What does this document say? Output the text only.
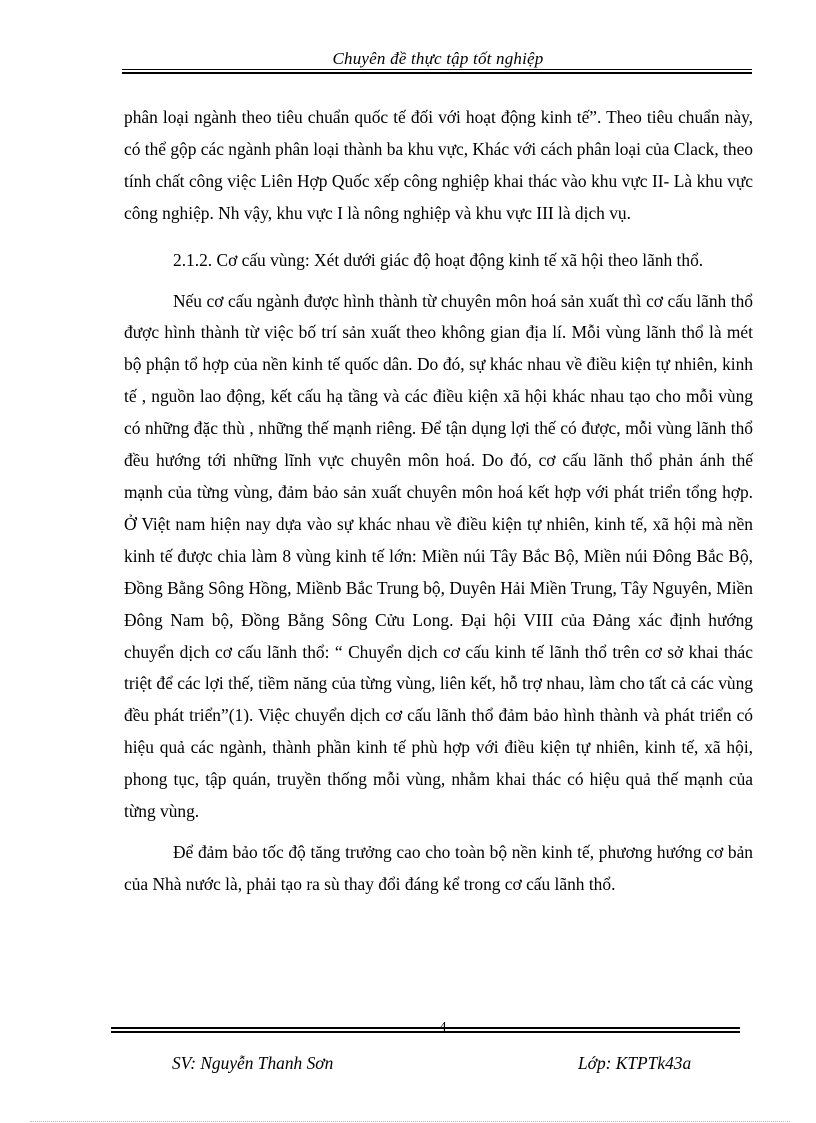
Chuyên đề thực tập tốt nghiệp

phân loại ngành theo tiêu chuẩn quốc tế đối với hoạt động kinh tế”. Theo tiêu chuẩn này, có thể gộp các ngành phân loại thành ba khu vực, Khác với cách phân loại của Clack, theo tính chất công việc Liên Hợp Quốc xếp công nghiệp khai thác vào khu vực II- Là khu vực công nghiệp. Nh vậy, khu vực I là nông nghiệp và khu vực III là dịch vụ.

2.1.2. Cơ cấu vùng: Xét dưới giác độ hoạt động kinh tế xã hội theo lãnh thổ.

Nếu cơ cấu ngành được hình thành từ chuyên môn hoá sản xuất thì cơ cấu lãnh thổ được hình thành từ việc bố trí sản xuất theo không gian địa lí. Mỗi vùng lãnh thổ là mét bộ phận tổ hợp của nền kinh tế quốc dân. Do đó, sự khác nhau về điều kiện tự nhiên, kinh tế , nguồn lao động, kết cấu hạ tầng và các điều kiện xã hội khác nhau tạo cho mỗi vùng có những đặc thù , những thế mạnh riêng. Để tận dụng lợi thế có được, mỗi vùng lãnh thổ đều hướng tới những lĩnh vực chuyên môn hoá. Do đó, cơ cấu lãnh thổ phản ánh thế mạnh của từng vùng, đảm bảo sản xuất chuyên môn hoá kết hợp với phát triển tổng hợp. Ở Việt nam hiện nay dựa vào sự khác nhau về điều kiện tự nhiên, kinh tế, xã hội mà nền kinh tế được chia làm 8 vùng kinh tế lớn: Miền núi Tây Bắc Bộ, Miền núi Đông Bắc Bộ, Đồng Bằng Sông Hồng, Miềnb Bắc Trung bộ, Duyên Hải Miền Trung, Tây Nguyên, Miền Đông Nam bộ, Đồng Bằng Sông Cửu Long. Đại hội VIII của Đảng xác định hướng chuyển dịch cơ cấu lãnh thổ: “ Chuyển dịch cơ cấu kinh tế lãnh thổ trên cơ sở khai thác triệt để các lợi thế, tiềm năng của từng vùng, liên kết, hỗ trợ nhau, làm cho tất cả các vùng đều phát triển”(1). Việc chuyển dịch cơ cấu lãnh thổ đảm bảo hình thành và phát triển có hiệu quả các ngành, thành phần kinh tế phù hợp với điều kiện tự nhiên, kinh tế, xã hội, phong tục, tập quán, truyền thống mỗi vùng, nhằm khai thác có hiệu quả thế mạnh của từng vùng.

Để đảm bảo tốc độ tăng trưởng cao cho toàn bộ nền kinh tế, phương hướng cơ bản của Nhà nước là, phải tạo ra sù thay đổi đáng kể trong cơ cấu lãnh thổ.

4
SV: Nguyễn Thanh Sơn	Lớp: KTPTk43a
